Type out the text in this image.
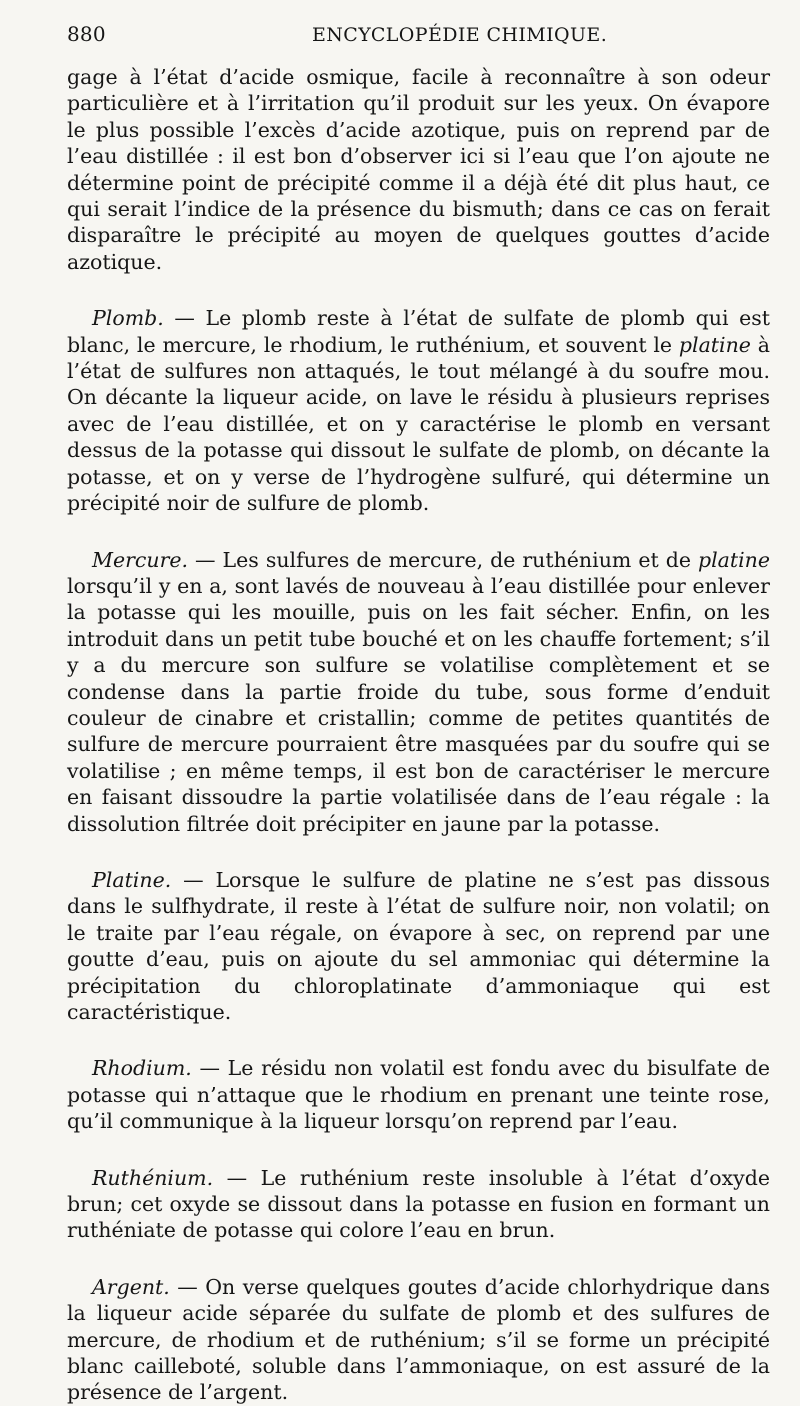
880	ENCYCLOPÉDIE CHIMIQUE.

gage à l’état d’acide osmique, facile à reconnaître à son odeur particulière et à l’irritation qu’il produit sur les yeux. On évapore le plus possible l’excès d’acide azotique, puis on reprend par de l’eau distillée : il est bon d’observer ici si l’eau que l’on ajoute ne détermine point de précipité comme il a déjà été dit plus haut, ce qui serait l’indice de la présence du bismuth; dans ce cas on ferait disparaître le précipité au moyen de quelques gouttes d’acide azotique.

Plomb. — Le plomb reste à l’état de sulfate de plomb qui est blanc, le mercure, le rhodium, le ruthénium, et souvent le platine à l’état de sulfures non attaqués, le tout mélangé à du soufre mou. On décante la liqueur acide, on lave le résidu à plusieurs reprises avec de l’eau distillée, et on y caractérise le plomb en versant dessus de la potasse qui dissout le sulfate de plomb, on décante la potasse, et on y verse de l’hydrogène sulfuré, qui détermine un précipité noir de sulfure de plomb.

Mercure. — Les sulfures de mercure, de ruthénium et de platine lorsqu’il y en a, sont lavés de nouveau à l’eau distillée pour enlever la potasse qui les mouille, puis on les fait sécher. Enfin, on les introduit dans un petit tube bouché et on les chauffe fortement; s’il y a du mercure son sulfure se volatilise complètement et se condense dans la partie froide du tube, sous forme d’enduit couleur de cinabre et cristallin; comme de petites quantités de sulfure de mercure pourraient être masquées par du soufre qui se volatilise ; en même temps, il est bon de caractériser le mercure en faisant dissoudre la partie volatilisée dans de l’eau régale : la dissolution filtrée doit précipiter en jaune par la potasse.

Platine. — Lorsque le sulfure de platine ne s’est pas dissous dans le sulfhydrate, il reste à l’état de sulfure noir, non volatil; on le traite par l’eau régale, on évapore à sec, on reprend par une goutte d’eau, puis on ajoute du sel ammoniac qui détermine la précipitation du chloroplatinate d’ammoniaque qui est caractéristique.

Rhodium. — Le résidu non volatil est fondu avec du bisulfate de potasse qui n’attaque que le rhodium en prenant une teinte rose, qu’il communique à la liqueur lorsqu’on reprend par l’eau.

Ruthénium. — Le ruthénium reste insoluble à l’état d’oxyde brun; cet oxyde se dissout dans la potasse en fusion en formant un ruthéniate de potasse qui colore l’eau en brun.

Argent. — On verse quelques goutes d’acide chlorhydrique dans la liqueur acide séparée du sulfate de plomb et des sulfures de mercure, de rhodium et de ruthénium; s’il se forme un précipité blanc cailleboté, soluble dans l’ammoniaque, on est assuré de la présence de l’argent.
